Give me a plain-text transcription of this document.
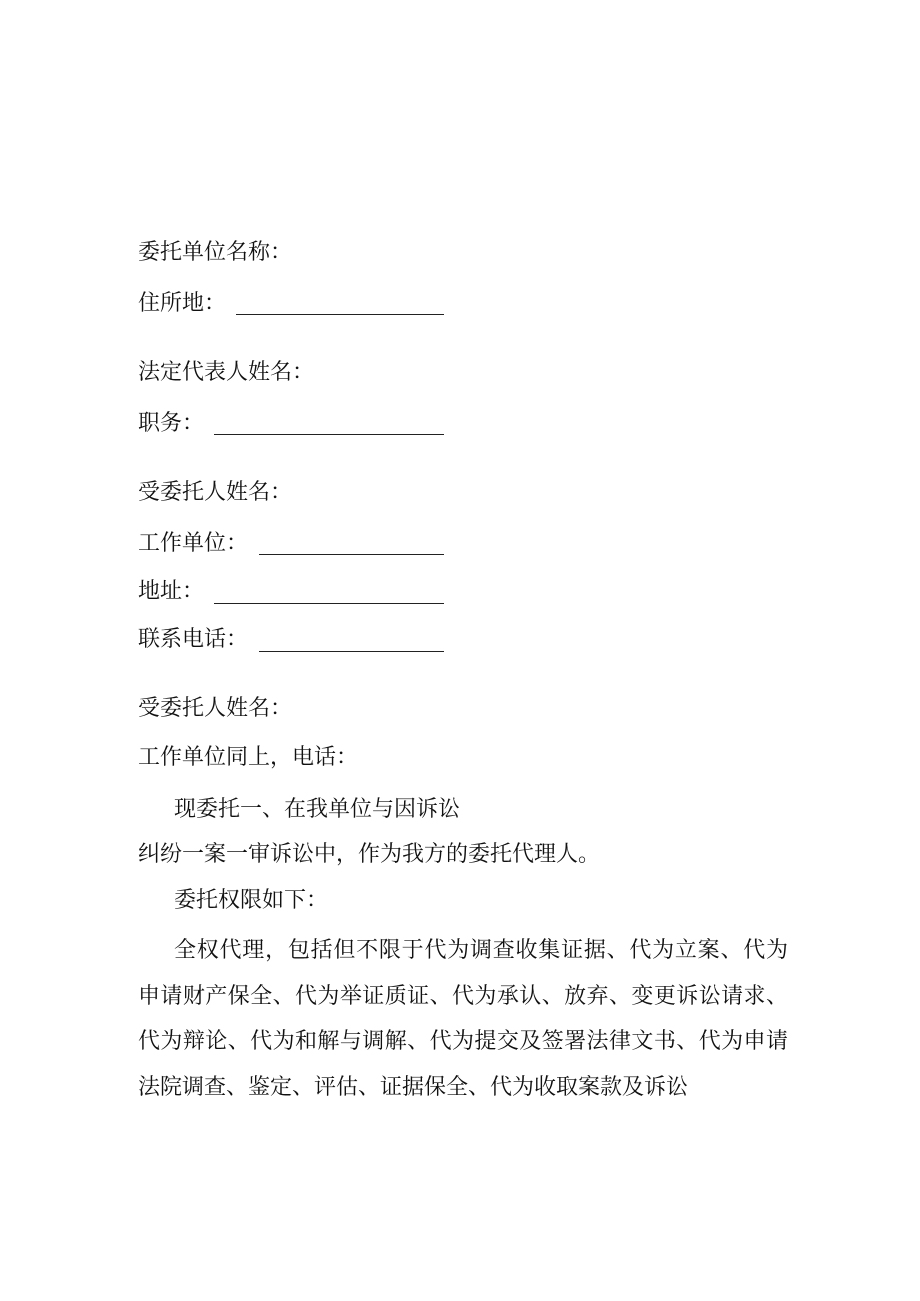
委托单位名称：
住所地：
法定代表人姓名：
职务：
受委托人姓名：
工作单位：
地址：
联系电话：
受委托人姓名：
工作单位同上，电话：
现委托一、在我单位与因诉讼
纠纷一案一审诉讼中，作为我方的委托代理人。
委托权限如下：
全权代理，包括但不限于代为调查收集证据、代为立案、代为申请财产保全、代为举证质证、代为承认、放弃、变更诉讼请求、代为辩论、代为和解与调解、代为提交及签署法律文书、代为申请法院调查、鉴定、评估、证据保全、代为收取案款及诉讼
